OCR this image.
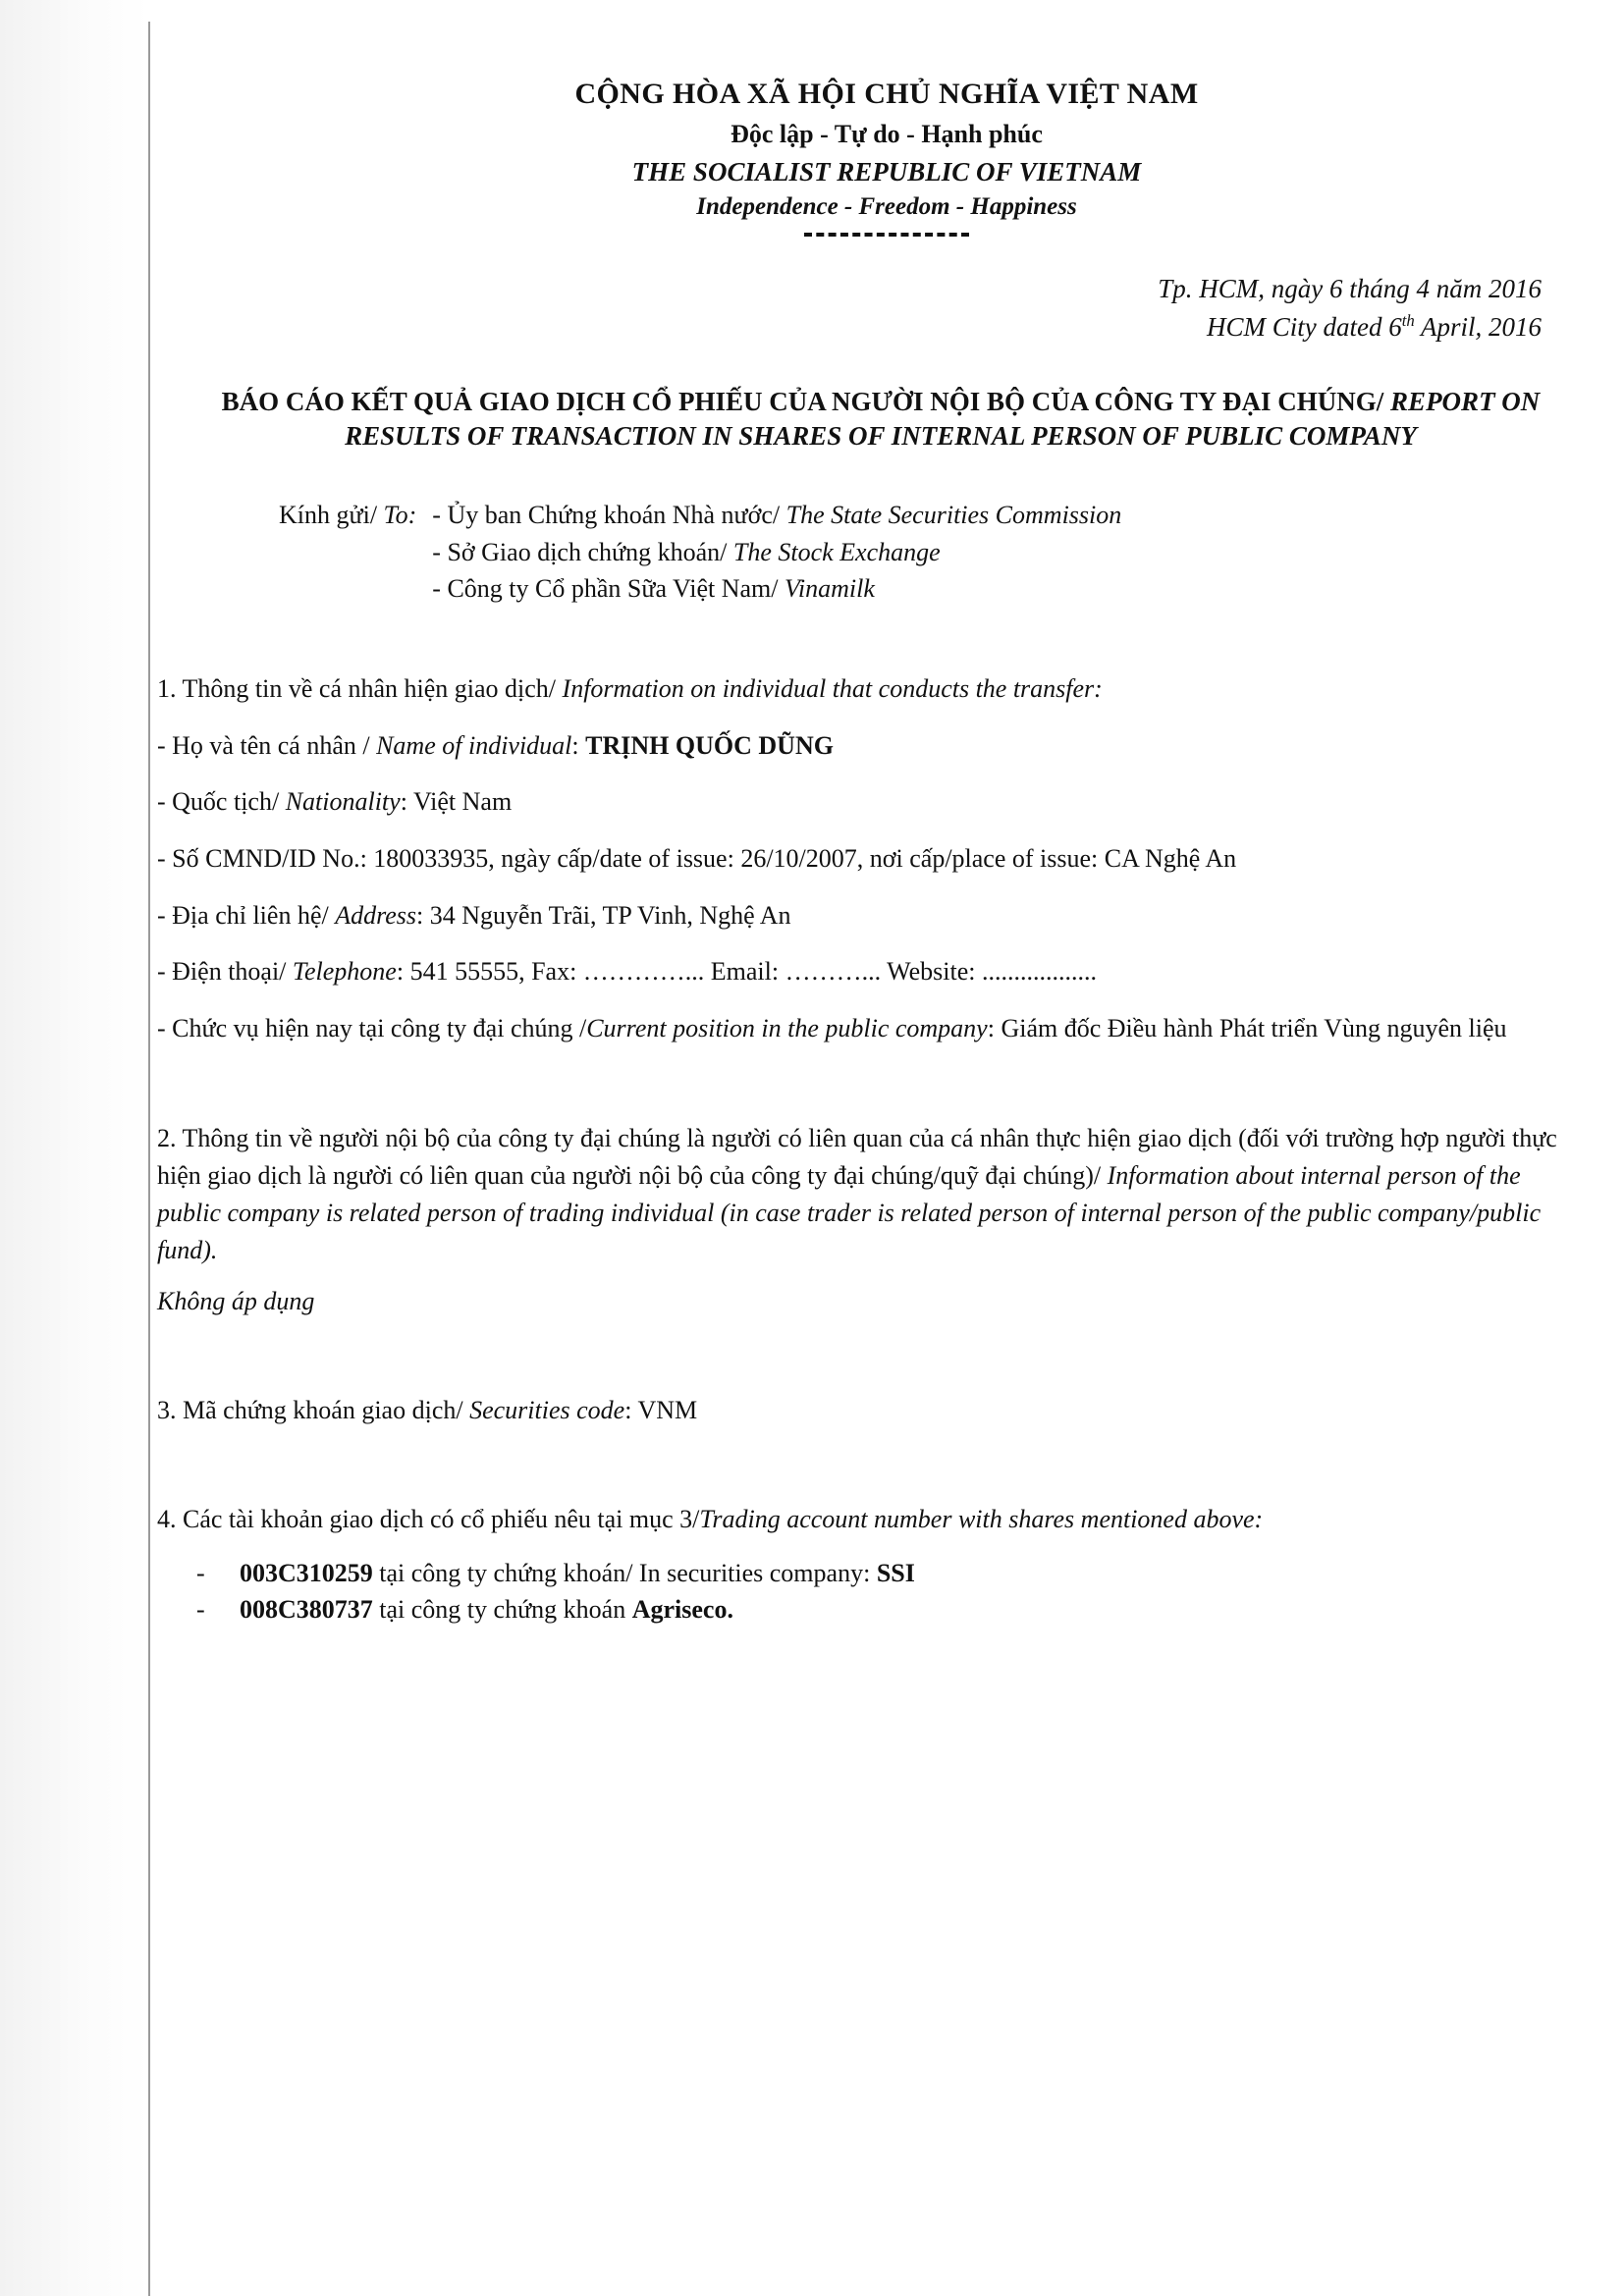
CỘNG HÒA XÃ HỘI CHỦ NGHĨA VIỆT NAM
Độc lập - Tự do - Hạnh phúc
THE SOCIALIST REPUBLIC OF VIETNAM
Independence - Freedom - Happiness
Tp. HCM, ngày 6 tháng 4 năm 2016
HCM City dated 6th April, 2016
BÁO CÁO KẾT QUẢ GIAO DỊCH CỔ PHIẾU CỦA NGƯỜI NỘI BỘ CỦA CÔNG TY ĐẠI CHÚNG/ REPORT ON RESULTS OF TRANSACTION IN SHARES OF INTERNAL PERSON OF PUBLIC COMPANY
Kính gửi/ To: - Ủy ban Chứng khoán Nhà nước/ The State Securities Commission
- Sở Giao dịch chứng khoán/ The Stock Exchange
- Công ty Cổ phần Sữa Việt Nam/ Vinamilk
1. Thông tin về cá nhân hiện giao dịch/ Information on individual that conducts the transfer:
- Họ và tên cá nhân / Name of individual: TRỊNH QUỐC DŨNG
- Quốc tịch/ Nationality: Việt Nam
- Số CMND/ID No.: 180033935, ngày cấp/date of issue: 26/10/2007, nơi cấp/place of issue: CA Nghệ An
- Địa chỉ liên hệ/ Address: 34 Nguyễn Trãi, TP Vinh, Nghệ An
- Điện thoại/ Telephone: 541 55555, Fax: …………... Email: ………... Website: ..................
- Chức vụ hiện nay tại công ty đại chúng /Current position in the public company: Giám đốc Điều hành Phát triển Vùng nguyên liệu

2. Thông tin về người nội bộ của công ty đại chúng là người có liên quan của cá nhân thực hiện giao dịch (đối với trường hợp người thực hiện giao dịch là người có liên quan của người nội bộ của công ty đại chúng/quỹ đại chúng)/ Information about internal person of the public company is related person of trading individual (in case trader is related person of internal person of the public company/public fund).

Không áp dụng
3. Mã chứng khoán giao dịch/ Securities code: VNM
4. Các tài khoản giao dịch có cổ phiếu nêu tại mục 3/Trading account number with shares mentioned above:
- 003C310259 tại công ty chứng khoán/ In securities company: SSI
- 008C380737 tại công ty chứng khoán Agriseco.
